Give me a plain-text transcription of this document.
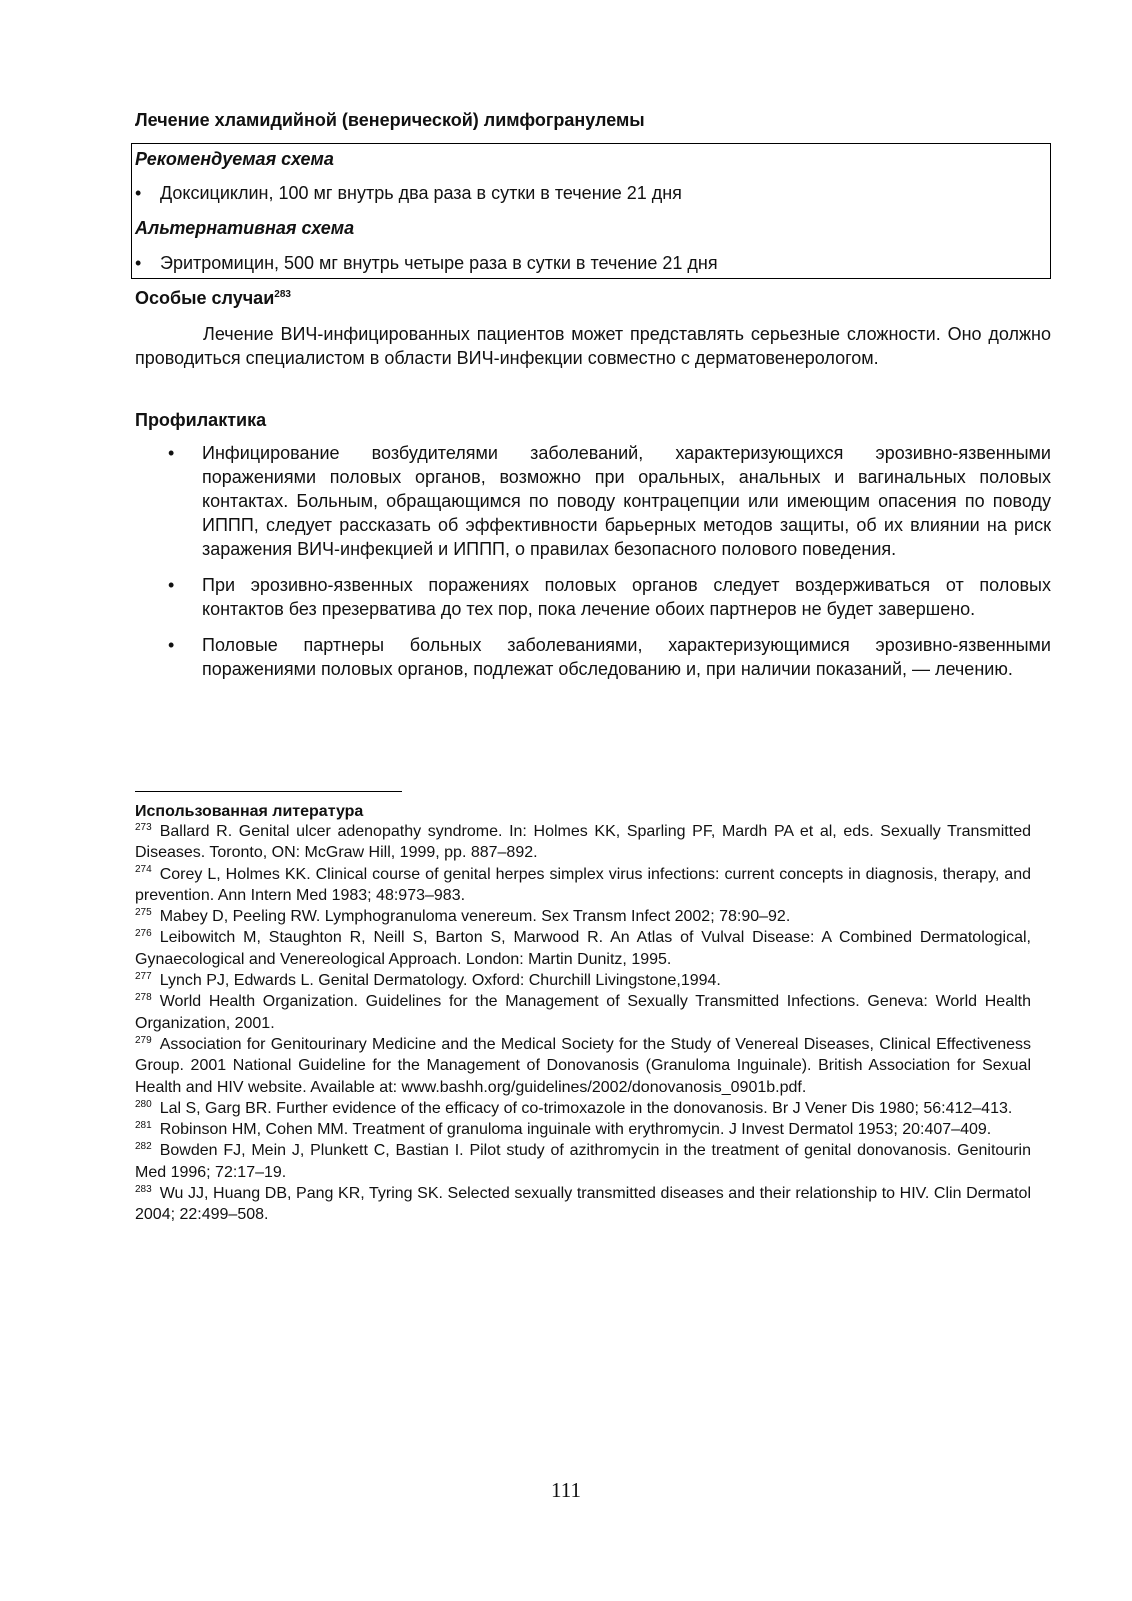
Лечение хламидийной (венерической) лимфогранулемы
Рекомендуемая схема
• Доксициклин, 100 мг внутрь два раза в сутки в течение 21 дня
Альтернативная схема
• Эритромицин, 500 мг внутрь четыре раза в сутки в течение 21 дня
Особые случаи$^{283}$

Лечение ВИЧ-инфицированных пациентов может представлять серьезные сложности. Оно должно проводиться специалистом в области ВИЧ-инфекции совместно с дерматовенерологом.

Профилактика
• Инфицирование возбудителями заболеваний, характеризующихся эрозивно-язвенными поражениями половых органов, возможно при оральных, анальных и вагинальных половых контактах. Больным, обращающимся по поводу контрацепции или имеющим опасения по поводу ИППП, следует рассказать об эффективности барьерных методов защиты, об их влиянии на риск заражения ВИЧ-инфекцией и ИППП, о правилах безопасного полового поведения.
• При эрозивно-язвенных поражениях половых органов следует воздерживаться от половых контактов без презерватива до тех пор, пока лечение обоих партнеров не будет завершено.
• Половые партнеры больных заболеваниями, характеризующимися эрозивно-язвенными поражениями половых органов, подлежат обследованию и, при наличии показаний, — лечению.
Использованная литература
$^{273}$ Ballard R. Genital ulcer adenopathy syndrome. In: Holmes KK, Sparling PF, Mardh PA et al, eds. Sexually Transmitted Diseases. Toronto, ON: McGraw Hill, 1999, pp. 887–892.
$^{274}$ Corey L, Holmes KK. Clinical course of genital herpes simplex virus infections: current concepts in diagnosis, therapy, and prevention. Ann Intern Med 1983; 48:973–983.
$^{275}$ Mabey D, Peeling RW. Lymphogranuloma venereum. Sex Transm Infect 2002; 78:90–92.
$^{276}$ Leibowitch M, Staughton R, Neill S, Barton S, Marwood R. An Atlas of Vulval Disease: A Combined Dermatological, Gynaecological and Venereological Approach. London: Martin Dunitz, 1995.
$^{277}$ Lynch PJ, Edwards L. Genital Dermatology. Oxford: Churchill Livingstone,1994.
$^{278}$ World Health Organization. Guidelines for the Management of Sexually Transmitted Infections. Geneva: World Health Organization, 2001.
$^{279}$ Association for Genitourinary Medicine and the Medical Society for the Study of Venereal Diseases, Clinical Effectiveness Group. 2001 National Guideline for the Management of Donovanosis (Granuloma Inguinale). British Association for Sexual Health and HIV website. Available at: www.bashh.org/guidelines/2002/donovanosis_0901b.pdf.
$^{280}$ Lal S, Garg BR. Further evidence of the efficacy of co-trimoxazole in the donovanosis. Br J Vener Dis 1980; 56:412–413.
$^{281}$ Robinson HM, Cohen MM. Treatment of granuloma inguinale with erythromycin. J Invest Dermatol 1953; 20:407–409.
$^{282}$ Bowden FJ, Mein J, Plunkett C, Bastian I. Pilot study of azithromycin in the treatment of genital donovanosis. Genitourin Med 1996; 72:17–19.
$^{283}$ Wu JJ, Huang DB, Pang KR, Tyring SK. Selected sexually transmitted diseases and their relationship to HIV. Clin Dermatol 2004; 22:499–508.
111
